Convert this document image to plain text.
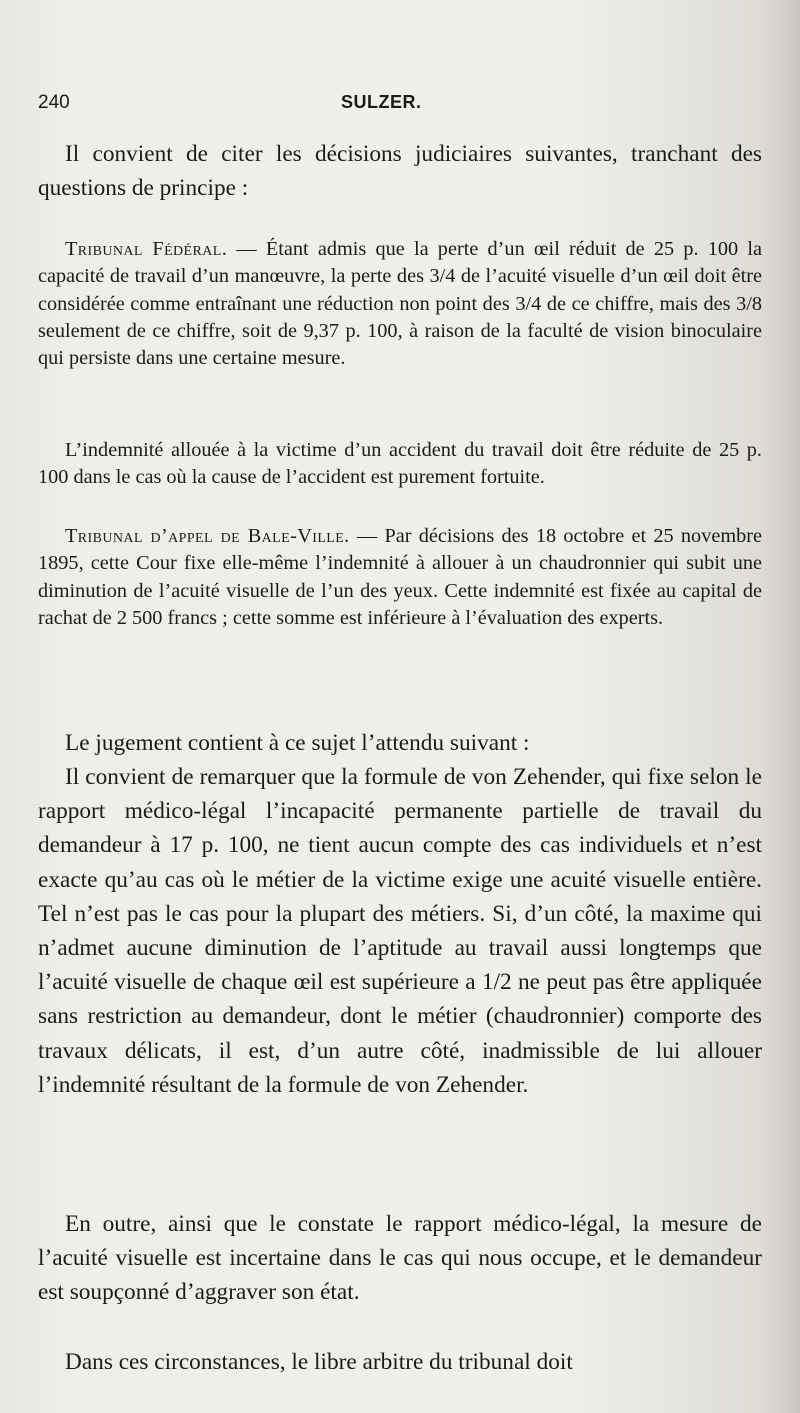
240	SULZER.

Il convient de citer les décisions judiciaires suivantes, tranchant des questions de principe :

Tribunal Fédéral. — Étant admis que la perte d’un œil réduit de 25 p. 100 la capacité de travail d’un manœuvre, la perte des 3/4 de l’acuité visuelle d’un œil doit être considérée comme entraînant une réduction non point des 3/4 de ce chiffre, mais des 3/8 seulement de ce chiffre, soit de 9,37 p. 100, à raison de la faculté de vision binoculaire qui persiste dans une certaine mesure.

L’indemnité allouée à la victime d’un accident du travail doit être réduite de 25 p. 100 dans le cas où la cause de l’accident est purement fortuite.

Tribunal d’appel de Bale-Ville. — Par décisions des 18 octobre et 25 novembre 1895, cette Cour fixe elle-même l’indemnité à allouer à un chaudronnier qui subit une diminution de l’acuité visuelle de l’un des yeux. Cette indemnité est fixée au capital de rachat de 2 500 francs ; cette somme est inférieure à l’évaluation des experts.

Le jugement contient à ce sujet l’attendu suivant :

Il convient de remarquer que la formule de von Zehender, qui fixe selon le rapport médico-légal l’incapacité permanente partielle de travail du demandeur à 17 p. 100, ne tient aucun compte des cas individuels et n’est exacte qu’au cas où le métier de la victime exige une acuité visuelle entière. Tel n’est pas le cas pour la plupart des métiers. Si, d’un côté, la maxime qui n’admet aucune diminution de l’aptitude au travail aussi longtemps que l’acuité visuelle de chaque œil est supérieure a 1/2 ne peut pas être appliquée sans restriction au demandeur, dont le métier (chaudronnier) comporte des travaux délicats, il est, d’un autre côté, inadmissible de lui allouer l’indemnité résultant de la formule de von Zehender.

En outre, ainsi que le constate le rapport médico-légal, la mesure de l’acuité visuelle est incertaine dans le cas qui nous occupe, et le demandeur est soupçonné d’aggraver son état.

Dans ces circonstances, le libre arbitre du tribunal doit
